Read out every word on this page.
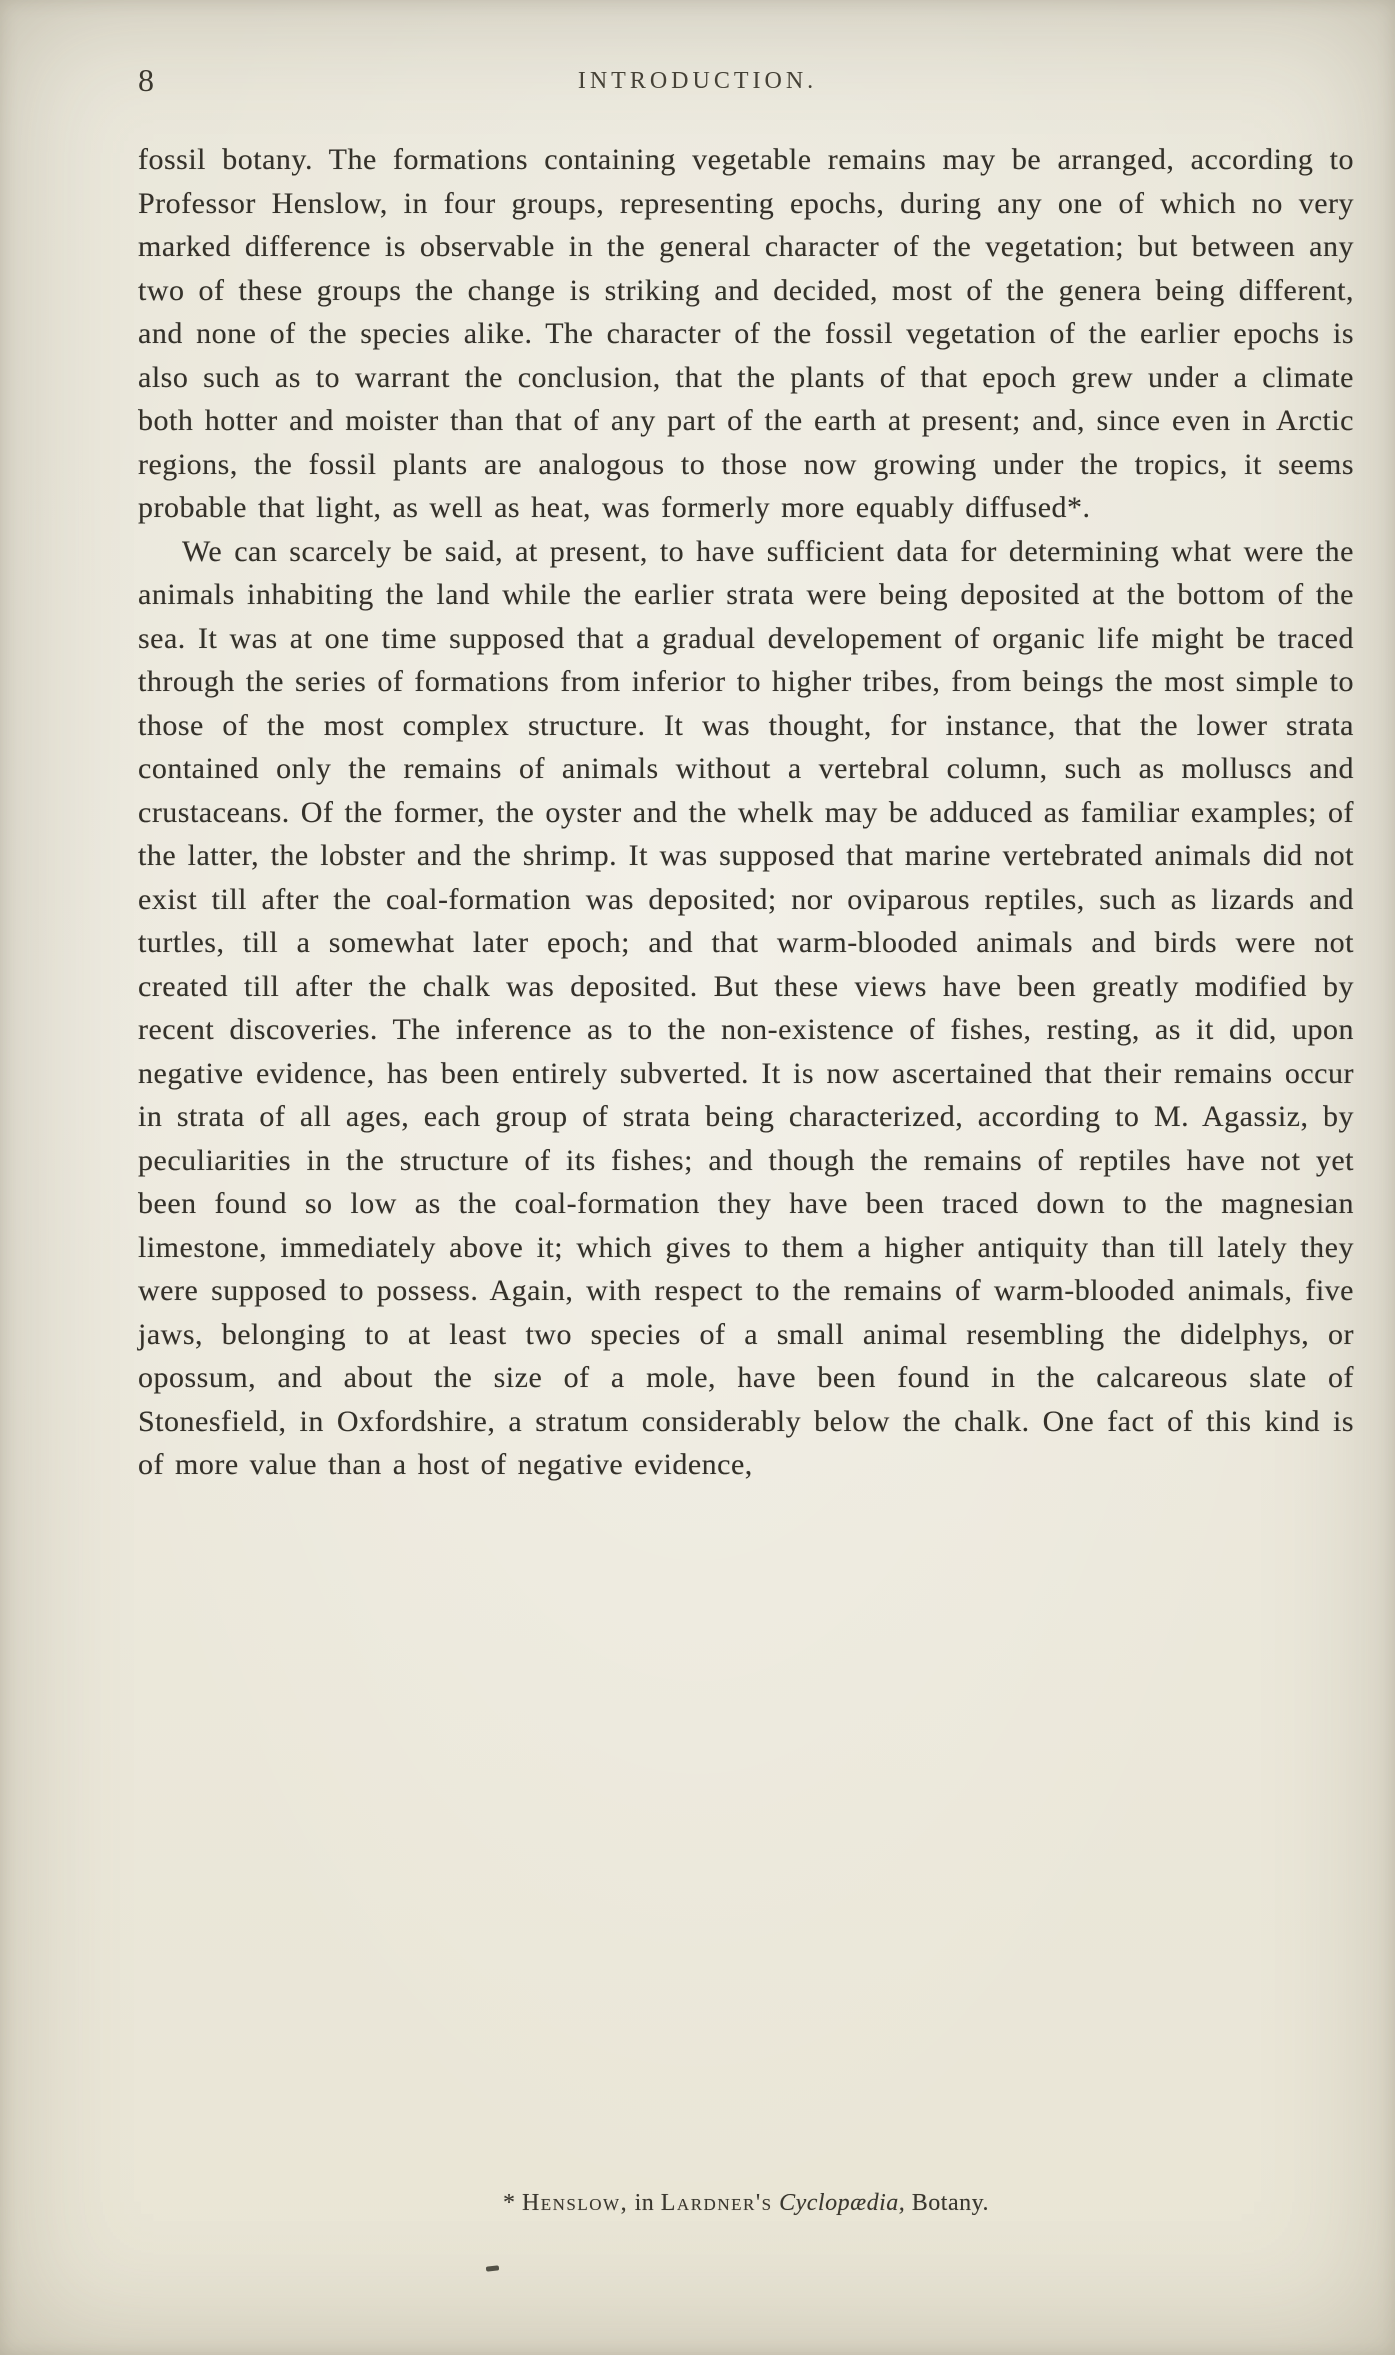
8	INTRODUCTION.

fossil botany. The formations containing vegetable remains may be arranged, according to Professor Henslow, in four groups, representing epochs, during any one of which no very marked difference is observable in the general character of the vegetation; but between any two of these groups the change is striking and decided, most of the genera being different, and none of the species alike. The character of the fossil vegetation of the earlier epochs is also such as to warrant the conclusion, that the plants of that epoch grew under a climate both hotter and moister than that of any part of the earth at present; and, since even in Arctic regions, the fossil plants are analogous to those now growing under the tropics, it seems probable that light, as well as heat, was formerly more equably diffused*.

We can scarcely be said, at present, to have sufficient data for determining what were the animals inhabiting the land while the earlier strata were being deposited at the bottom of the sea. It was at one time supposed that a gradual developement of organic life might be traced through the series of formations from inferior to higher tribes, from beings the most simple to those of the most complex structure. It was thought, for instance, that the lower strata contained only the remains of animals without a vertebral column, such as molluscs and crustaceans. Of the former, the oyster and the whelk may be adduced as familiar examples; of the latter, the lobster and the shrimp. It was supposed that marine vertebrated animals did not exist till after the coal-formation was deposited; nor oviparous reptiles, such as lizards and turtles, till a somewhat later epoch; and that warm-blooded animals and birds were not created till after the chalk was deposited. But these views have been greatly modified by recent discoveries. The inference as to the non-existence of fishes, resting, as it did, upon negative evidence, has been entirely subverted. It is now ascertained that their remains occur in strata of all ages, each group of strata being characterized, according to M. Agassiz, by peculiarities in the structure of its fishes; and though the remains of reptiles have not yet been found so low as the coal-formation they have been traced down to the magnesian limestone, immediately above it; which gives to them a higher antiquity than till lately they were supposed to possess. Again, with respect to the remains of warm-blooded animals, five jaws, belonging to at least two species of a small animal resembling the didelphys, or opossum, and about the size of a mole, have been found in the calcareous slate of Stonesfield, in Oxfordshire, a stratum considerably below the chalk. One fact of this kind is of more value than a host of negative evidence,

* Henslow, in Lardner's Cyclopædia, Botany.
